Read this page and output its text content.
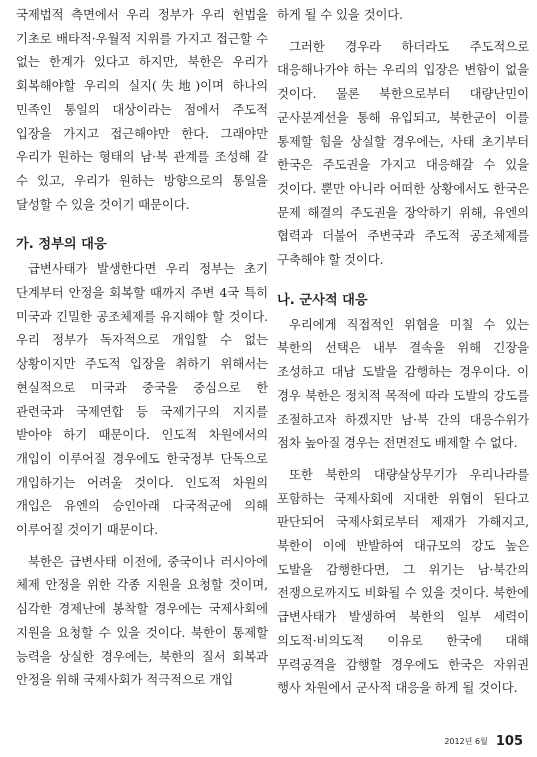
국제법적 측면에서 우리 정부가 우리 헌법을 기초로 배타적·우월적 지위를 가지고 접근할 수 없는 한계가 있다고 하지만, 북한은 우리가 회복해야할 우리의 실지(失地)이며 하나의 민족인 통일의 대상이라는 점에서 주도적 입장을 가지고 접근해야만 한다. 그래야만 우리가 원하는 형태의 남·북 관계를 조성해 갈 수 있고, 우리가 원하는 방향으로의 통일을 달성할 수 있을 것이기 때문이다.

가. 정부의 대응

급변사태가 발생한다면 우리 정부는 초기 단계부터 안정을 회복할 때까지 주변 4국 특히 미국과 긴밀한 공조체제를 유지해야 할 것이다. 우리 정부가 독자적으로 개입할 수 없는 상황이지만 주도적 입장을 취하기 위해서는 현실적으로 미국과 중국을 중심으로 한 관련국과 국제연합 등 국제기구의 지지를 받아야 하기 때문이다. 인도적 차원에서의 개입이 이루어질 경우에도 한국정부 단독으로 개입하기는 어려울 것이다. 인도적 차원의 개입은 유엔의 승인아래 다국적군에 의해 이루어질 것이기 때문이다.

북한은 급변사태 이전에, 중국이나 러시아에 체제 안정을 위한 각종 지원을 요청할 것이며, 심각한 경제난에 봉착할 경우에는 국제사회에 지원을 요청할 수 있을 것이다. 북한이 통제할 능력을 상실한 경우에는, 북한의 질서 회복과 안정을 위해 국제사회가 적극적으로 개입

하게 될 수 있을 것이다.

그러한 경우라 하더라도 주도적으로 대응해나가야 하는 우리의 입장은 변함이 없을 것이다. 물론 북한으로부터 대량난민이 군사분계선을 통해 유입되고, 북한군이 이를 통제할 힘을 상실할 경우에는, 사태 초기부터 한국은 주도권을 가지고 대응해갈 수 있을 것이다. 뿐만 아니라 어떠한 상황에서도 한국은 문제 해결의 주도권을 장악하기 위해, 유엔의 협력과 더불어 주변국과 주도적 공조체제를 구축해야 할 것이다.

나. 군사적 대응

우리에게 직접적인 위협을 미칠 수 있는 북한의 선택은 내부 결속을 위해 긴장을 조성하고 대남 도발을 감행하는 경우이다. 이 경우 북한은 정치적 목적에 따라 도발의 강도를 조절하고자 하겠지만 남·북 간의 대응수위가 점차 높아질 경우는 전면전도 배제할 수 없다.

또한 북한의 대량살상무기가 우리나라를 포함하는 국제사회에 지대한 위협이 된다고 판단되어 국제사회로부터 제재가 가해지고, 북한이 이에 반발하여 대규모의 강도 높은 도발을 감행한다면, 그 위기는 남·북간의 전쟁으로까지도 비화될 수 있을 것이다. 북한에 급변사태가 발생하여 북한의 일부 세력이 의도적·비의도적 이유로 한국에 대해 무력공격을 감행할 경우에도 한국은 자위권 행사 차원에서 군사적 대응을 하게 될 것이다.

2012년 6월 105
